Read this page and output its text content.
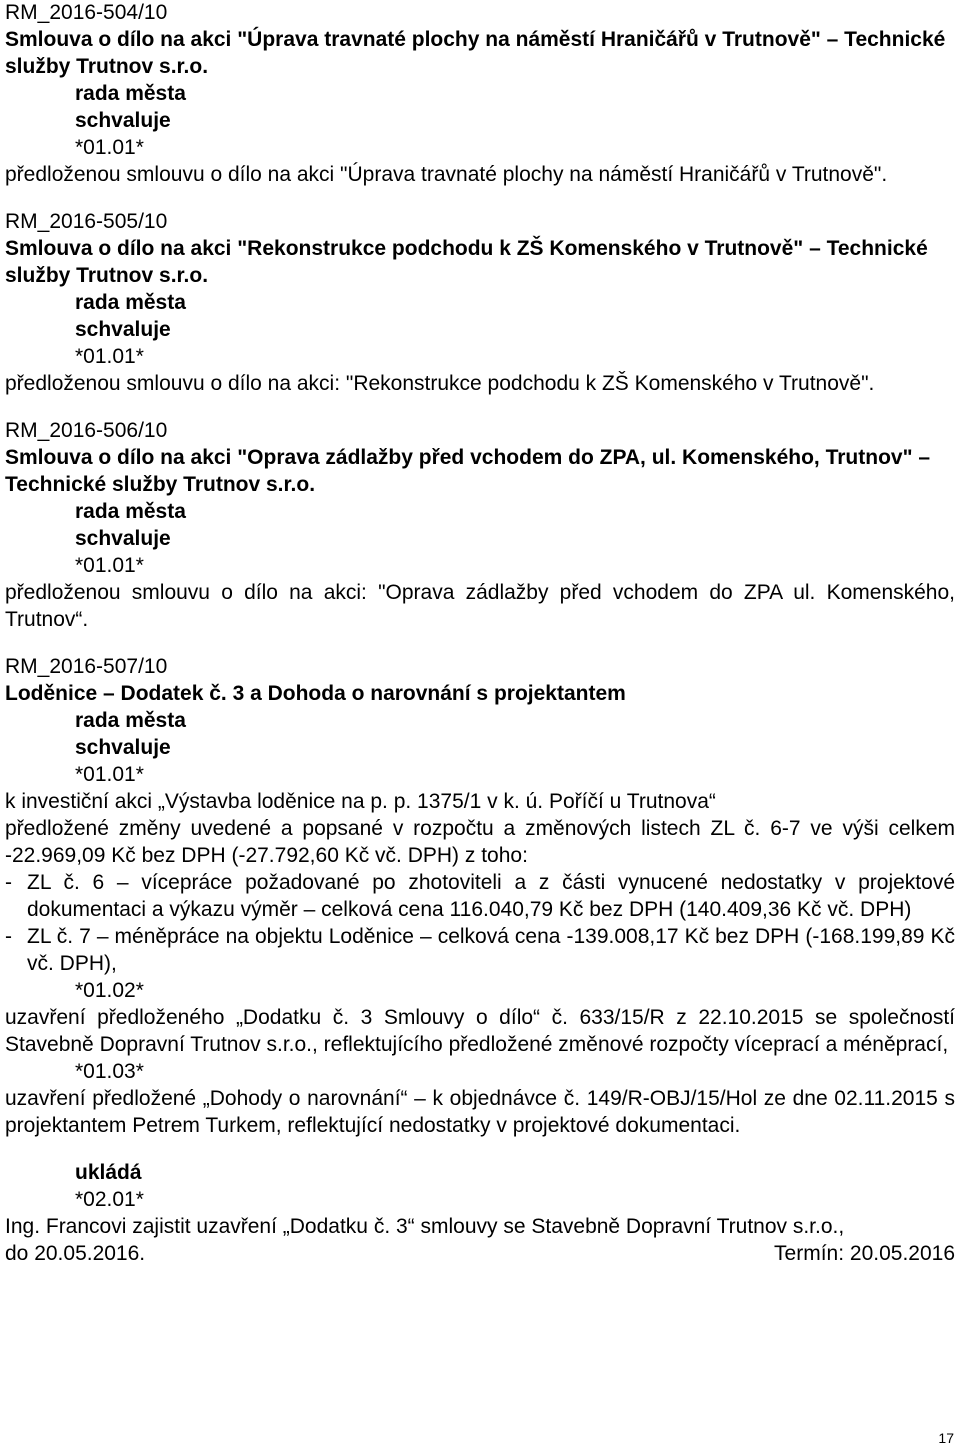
RM_2016-504/10
Smlouva o dílo na akci "Úprava travnaté plochy na náměstí Hraničářů v Trutnově" – Technické služby Trutnov s.r.o.
rada města
schvaluje
*01.01*

předloženou smlouvu o dílo na akci "Úprava travnaté plochy na náměstí Hraničářů v Trutnově".

RM_2016-505/10
Smlouva o dílo na akci "Rekonstrukce podchodu k ZŠ Komenského v Trutnově" – Technické služby Trutnov s.r.o.
rada města
schvaluje
*01.01*

předloženou smlouvu o dílo na akci: "Rekonstrukce podchodu k ZŠ Komenského v Trutnově".

RM_2016-506/10
Smlouva o dílo na akci "Oprava zádlažby před vchodem do ZPA, ul. Komenského, Trutnov" – Technické služby Trutnov s.r.o.
rada města
schvaluje
*01.01*

předloženou smlouvu o dílo na akci: "Oprava zádlažby před vchodem do ZPA ul. Komenského, Trutnov“.

RM_2016-507/10
Loděnice – Dodatek č. 3 a Dohoda o narovnání s projektantem
rada města
schvaluje
*01.01*

k investiční akci „Výstavba loděnice na p. p. 1375/1 v k. ú. Poříčí u Trutnova“

předložené změny uvedené a popsané v rozpočtu a změnových listech ZL č. 6-7 ve výši celkem -22.969,09 Kč bez DPH (-27.792,60 Kč vč. DPH) z toho:

- ZL č. 6 – vícepráce požadované po zhotoviteli a z části vynucené nedostatky v projektové dokumentaci a výkazu výměr – celková cena 116.040,79 Kč bez DPH (140.409,36 Kč vč. DPH)
- ZL č. 7 – méněpráce na objektu Loděnice – celková cena -139.008,17 Kč bez DPH (-168.199,89 Kč vč. DPH),
*01.02*

uzavření předloženého „Dodatku č. 3 Smlouvy o dílo“ č. 633/15/R z 22.10.2015 se společností Stavebně Dopravní Trutnov s.r.o., reflektujícího předložené změnové rozpočty víceprací a méněprací,

*01.03*

uzavření předložené „Dohody o narovnání“ – k objednávce č. 149/R-OBJ/15/Hol ze dne 02.11.2015 s projektantem Petrem Turkem, reflektující nedostatky v projektové dokumentaci.

ukládá
*02.01*

Ing. Francovi zajistit uzavření „Dodatku č. 3“ smlouvy se Stavebně Dopravní Trutnov s.r.o.,

do 20.05.2016.	Termín: 20.05.2016
17
